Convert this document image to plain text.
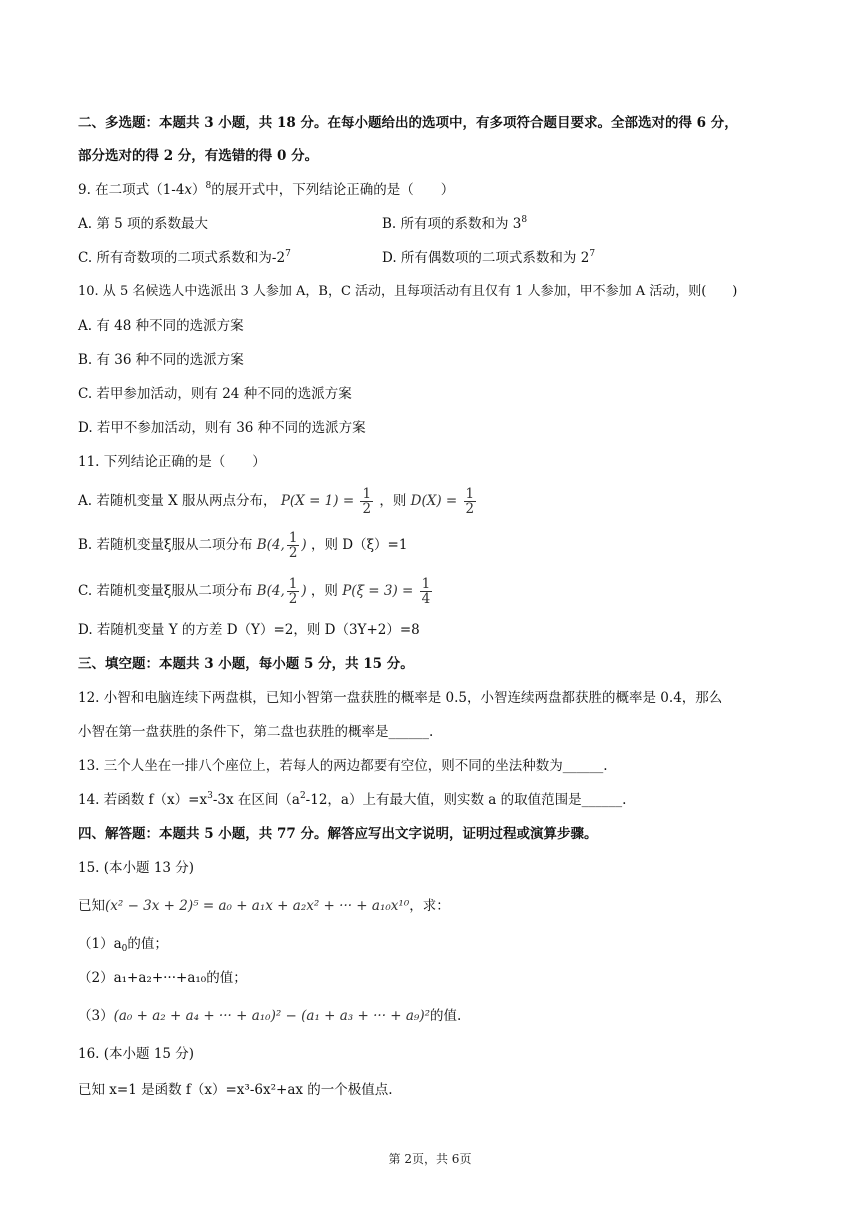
二、多选题：本题共 3 小题，共 18 分。在每小题给出的选项中，有多项符合题目要求。全部选对的得 6 分，
部分选对的得 2 分，有选错的得 0 分。
9. 在二项式$(1-4x)^8$的展开式中，下列结论正确的是（　　）
A. 第 5 项的系数最大	B. 所有项的系数和为 $3^8$
C. 所有奇数项的二项式系数和为$-2^7$	D. 所有偶数项的二项式系数和为 $2^7$
10. 从 5 名候选人中选派出 3 人参加 A，B，C 活动，且每项活动有且仅有 1 人参加，甲不参加 A 活动，则(　　)
A. 有 48 种不同的选派方案
B. 有 36 种不同的选派方案
C. 若甲参加活动，则有 24 种不同的选派方案
D. 若甲不参加活动，则有 36 种不同的选派方案
11. 下列结论正确的是（　　）
A. 若随机变量 X 服从两点分布， $P(X = 1) = \frac{1}{2}$ ，则 $D(X) = \frac{1}{2}$
B. 若随机变量ξ服从二项分布 B(4, $\frac{1}{2}$ ) ，则 D（ξ）=1
C. 若随机变量ξ服从二项分布 B(4, $\frac{1}{2}$ ) ，则 $P(\xi = 3) = \frac{1}{4}$
D. 若随机变量 Y 的方差 D（Y）=2，则 D（3Y+2）=8
三、填空题：本题共 3 小题，每小题 5 分，共 15 分。
12. 小智和电脑连续下两盘棋，已知小智第一盘获胜的概率是 0.5，小智连续两盘都获胜的概率是 0.4，那么
小智在第一盘获胜的条件下，第二盘也获胜的概率是______.
13. 三个人坐在一排八个座位上，若每人的两边都要有空位，则不同的坐法种数为______.
14. 若函数 $f(x)=x^3-3x$ 在区间（$a^2-12$，a）上有最大值，则实数 a 的取值范围是______.
四、解答题：本题共 5 小题，共 77 分。解答应写出文字说明，证明过程或演算步骤。
15. (本小题 13 分)
已知(x² − 3x + 2)⁵ = a₀ + a₁x + a₂x² + ··· + a₁₀x¹⁰，求：
$(1)a_0$的值；
（2）a₁+a₂+···+a₁₀的值；
（3）(a₀ + a₂ + a₄ + ··· + a₁₀)² − (a₁ + a₃ + ··· + a₉)²的值.
16. (本小题 15 分)
已知 x=1 是函数 f（x）=x³-6x²+ax 的一个极值点.
第 2页，共 6页
